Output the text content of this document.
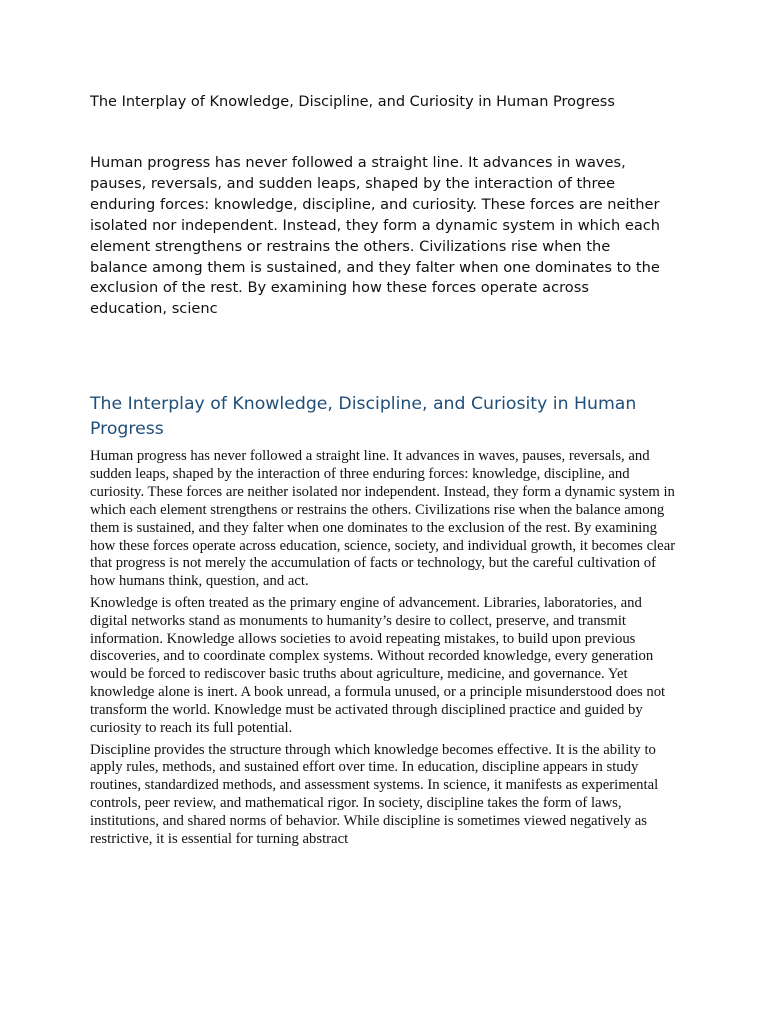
The Interplay of Knowledge, Discipline, and Curiosity in Human Progress

Human progress has never followed a straight line. It advances in waves, pauses, reversals, and sudden leaps, shaped by the interaction of three enduring forces: knowledge, discipline, and curiosity. These forces are neither isolated nor independent. Instead, they form a dynamic system in which each element strengthens or restrains the others. Civilizations rise when the balance among them is sustained, and they falter when one dominates to the exclusion of the rest. By examining how these forces operate across education, scienc

The Interplay of Knowledge, Discipline, and Curiosity in Human Progress

Human progress has never followed a straight line. It advances in waves, pauses, reversals, and sudden leaps, shaped by the interaction of three enduring forces: knowledge, discipline, and curiosity. These forces are neither isolated nor independent. Instead, they form a dynamic system in which each element strengthens or restrains the others. Civilizations rise when the balance among them is sustained, and they falter when one dominates to the exclusion of the rest. By examining how these forces operate across education, science, society, and individual growth, it becomes clear that progress is not merely the accumulation of facts or technology, but the careful cultivation of how humans think, question, and act.

Knowledge is often treated as the primary engine of advancement. Libraries, laboratories, and digital networks stand as monuments to humanity’s desire to collect, preserve, and transmit information. Knowledge allows societies to avoid repeating mistakes, to build upon previous discoveries, and to coordinate complex systems. Without recorded knowledge, every generation would be forced to rediscover basic truths about agriculture, medicine, and governance. Yet knowledge alone is inert. A book unread, a formula unused, or a principle misunderstood does not transform the world. Knowledge must be activated through disciplined practice and guided by curiosity to reach its full potential.

Discipline provides the structure through which knowledge becomes effective. It is the ability to apply rules, methods, and sustained effort over time. In education, discipline appears in study routines, standardized methods, and assessment systems. In science, it manifests as experimental controls, peer review, and mathematical rigor. In society, discipline takes the form of laws, institutions, and shared norms of behavior. While discipline is sometimes viewed negatively as restrictive, it is essential for turning abstract
